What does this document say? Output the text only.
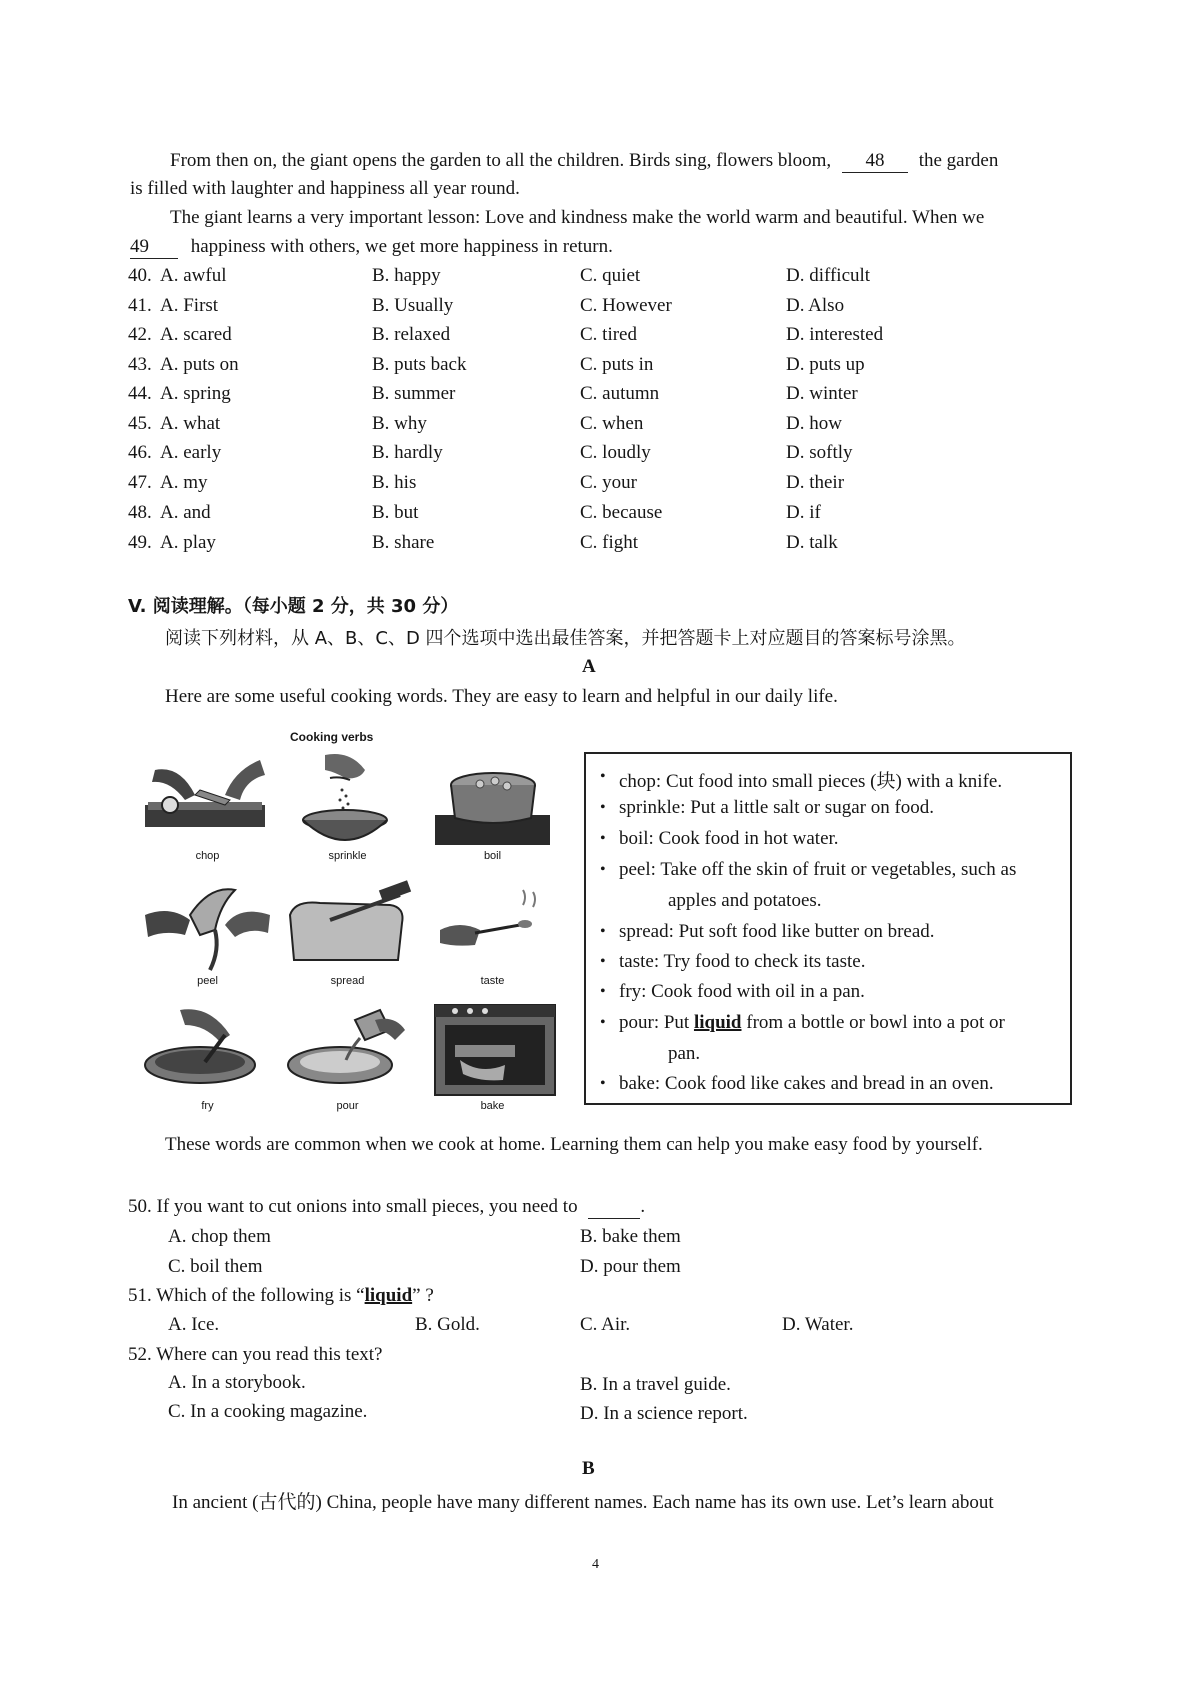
From then on, the giant opens the garden to all the children. Birds sing, flowers bloom, 48 the garden
is filled with laughter and happiness all year round.
The giant learns a very important lesson: Love and kindness make the world warm and beautiful. When we
49 happiness with others, we get more happiness in return.
40. A. awful	B. happy	C. quiet	D. difficult
41. A. First	B. Usually	C. However	D. Also
42. A. scared	B. relaxed	C. tired	D. interested
43. A. puts on	B. puts back	C. puts in	D. puts up
44. A. spring	B. summer	C. autumn	D. winter
45. A. what	B. why	C. when	D. how
46. A. early	B. hardly	C. loudly	D. softly
47. A. my	B. his	C. your	D. their
48. A. and	B. but	C. because	D. if
49. A. play	B. share	C. fight	D. talk
V. 阅读理解。（每小题 2 分，共 30 分）
阅读下列材料，从 A、B、C、D 四个选项中选出最佳答案，并把答题卡上对应题目的答案标号涂黑。
A
Here are some useful cooking words. They are easy to learn and helpful in our daily life.
Cooking verbs
chop	sprinkle	boil
peel	spread	taste
fry	pour	bake
• chop: Cut food into small pieces (块) with a knife.
• sprinkle: Put a little salt or sugar on food.
• boil: Cook food in hot water.
• peel: Take off the skin of fruit or vegetables, such as
apples and potatoes.
• spread: Put soft food like butter on bread.
• taste: Try food to check its taste.
• fry: Cook food with oil in a pan.
• pour: Put liquid from a bottle or bowl into a pot or
pan.
• bake: Cook food like cakes and bread in an oven.
These words are common when we cook at home. Learning them can help you make easy food by yourself.
50. If you want to cut onions into small pieces, you need to	.
A. chop them	B. bake them
C. boil them	D. pour them
51. Which of the following is “liquid” ?
A. Ice.	B. Gold.	C. Air.	D. Water.
52. Where can you read this text?
A. In a storybook.	B. In a travel guide.
C. In a cooking magazine.	D. In a science report.
B
In ancient (古代的) China, people have many different names. Each name has its own use. Let’s learn about
4
